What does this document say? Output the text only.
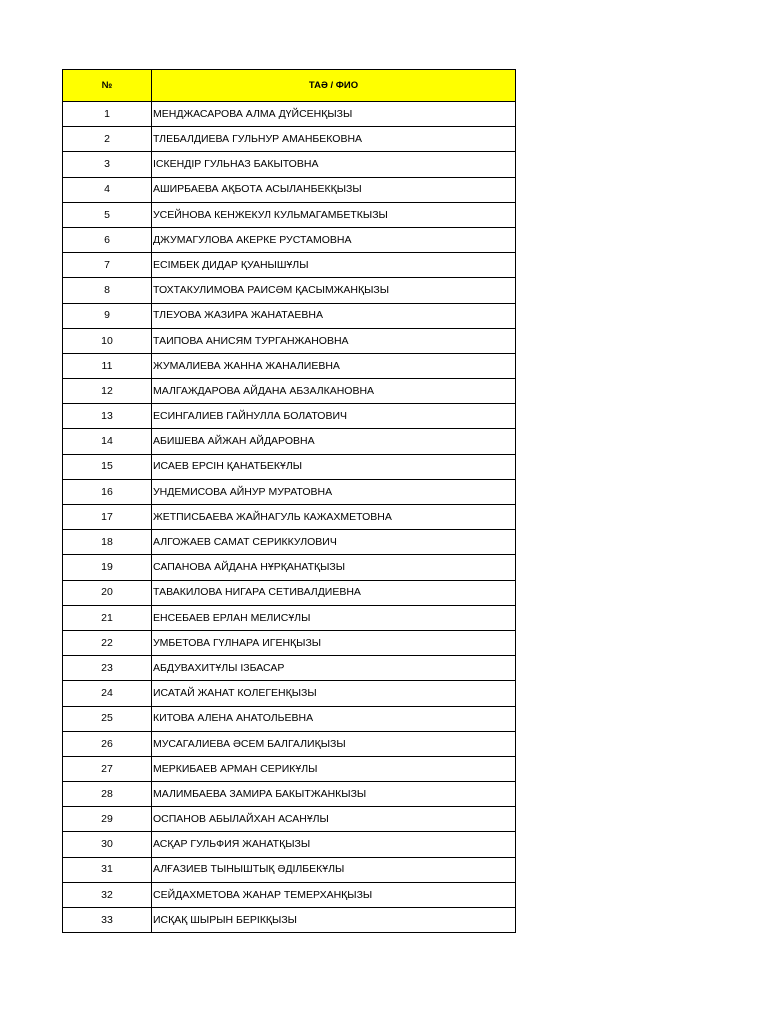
№	ТАӘ / ФИО
1	МЕНДЖАСАРОВА АЛМА ДҮЙСЕНҚЫЗЫ
2	ТЛЕБАЛДИЕВА ГУЛЬНУР АМАНБЕКОВНА
3	ІСКЕНДІР ГУЛЬНАЗ БАКЫТОВНА
4	АШИРБАЕВА АҚБОТА АСЫЛАНБЕКҚЫЗЫ
5	УСЕЙНОВА КЕНЖЕКУЛ КУЛЬМАГАМБЕТКЫЗЫ
6	ДЖУМАГУЛОВА АКЕРКЕ РУСТАМОВНА
7	ЕСІМБЕК ДИДАР ҚУАНЫШҰЛЫ
8	ТОХТАКУЛИМОВА РАИСӘМ ҚАСЫМЖАНҚЫЗЫ
9	ТЛЕУОВА ЖАЗИРА ЖАНАТАЕВНА
10	ТАИПОВА АНИСЯМ ТУРГАНЖАНОВНА
11	ЖУМАЛИЕВА ЖАННА ЖАНАЛИЕВНА
12	МАЛГАЖДАРОВА АЙДАНА АБЗАЛКАНОВНА
13	ЕСИНГАЛИЕВ ГАЙНУЛЛА БОЛАТОВИЧ
14	АБИШЕВА АЙЖАН АЙДАРОВНА
15	ИСАЕВ ЕРСІН ҚАНАТБЕКҰЛЫ
16	УНДЕМИСОВА АЙНУР МУРАТОВНА
17	ЖЕТПИСБАЕВА ЖАЙНАГУЛЬ КАЖАХМЕТОВНА
18	АЛГОЖАЕВ САМАТ СЕРИККУЛОВИЧ
19	САПАНОВА АЙДАНА НҰРҚАНАТҚЫЗЫ
20	ТАВАКИЛОВА НИГАРА СЕТИВАЛДИЕВНА
21	ЕНСЕБАЕВ ЕРЛАН МЕЛИСҰЛЫ
22	УМБЕТОВА ГҮЛНАРА ИГЕНҚЫЗЫ
23	АБДУВАХИТҰЛЫ ІЗБАСАР
24	ИСАТАЙ ЖАНАТ КОЛЕГЕНҚЫЗЫ
25	КИТОВА АЛЕНА АНАТОЛЬЕВНА
26	МУСАГАЛИЕВА ӘСЕМ БАЛГАЛИҚЫЗЫ
27	МЕРКИБАЕВ АРМАН СЕРИКҰЛЫ
28	МАЛИМБАЕВА ЗАМИРА БАКЫТЖАНКЫЗЫ
29	ОСПАНОВ АБЫЛАЙХАН АСАНҰЛЫ
30	АСҚАР ГУЛЬФИЯ ЖАНАТҚЫЗЫ
31	АЛҒАЗИЕВ ТЫНЫШТЫҚ ӘДІЛБЕКҰЛЫ
32	СЕЙДАХМЕТОВА ЖАНАР ТЕМЕРХАНҚЫЗЫ
33	ИСҚАҚ ШЫРЫН БЕРІКҚЫЗЫ
